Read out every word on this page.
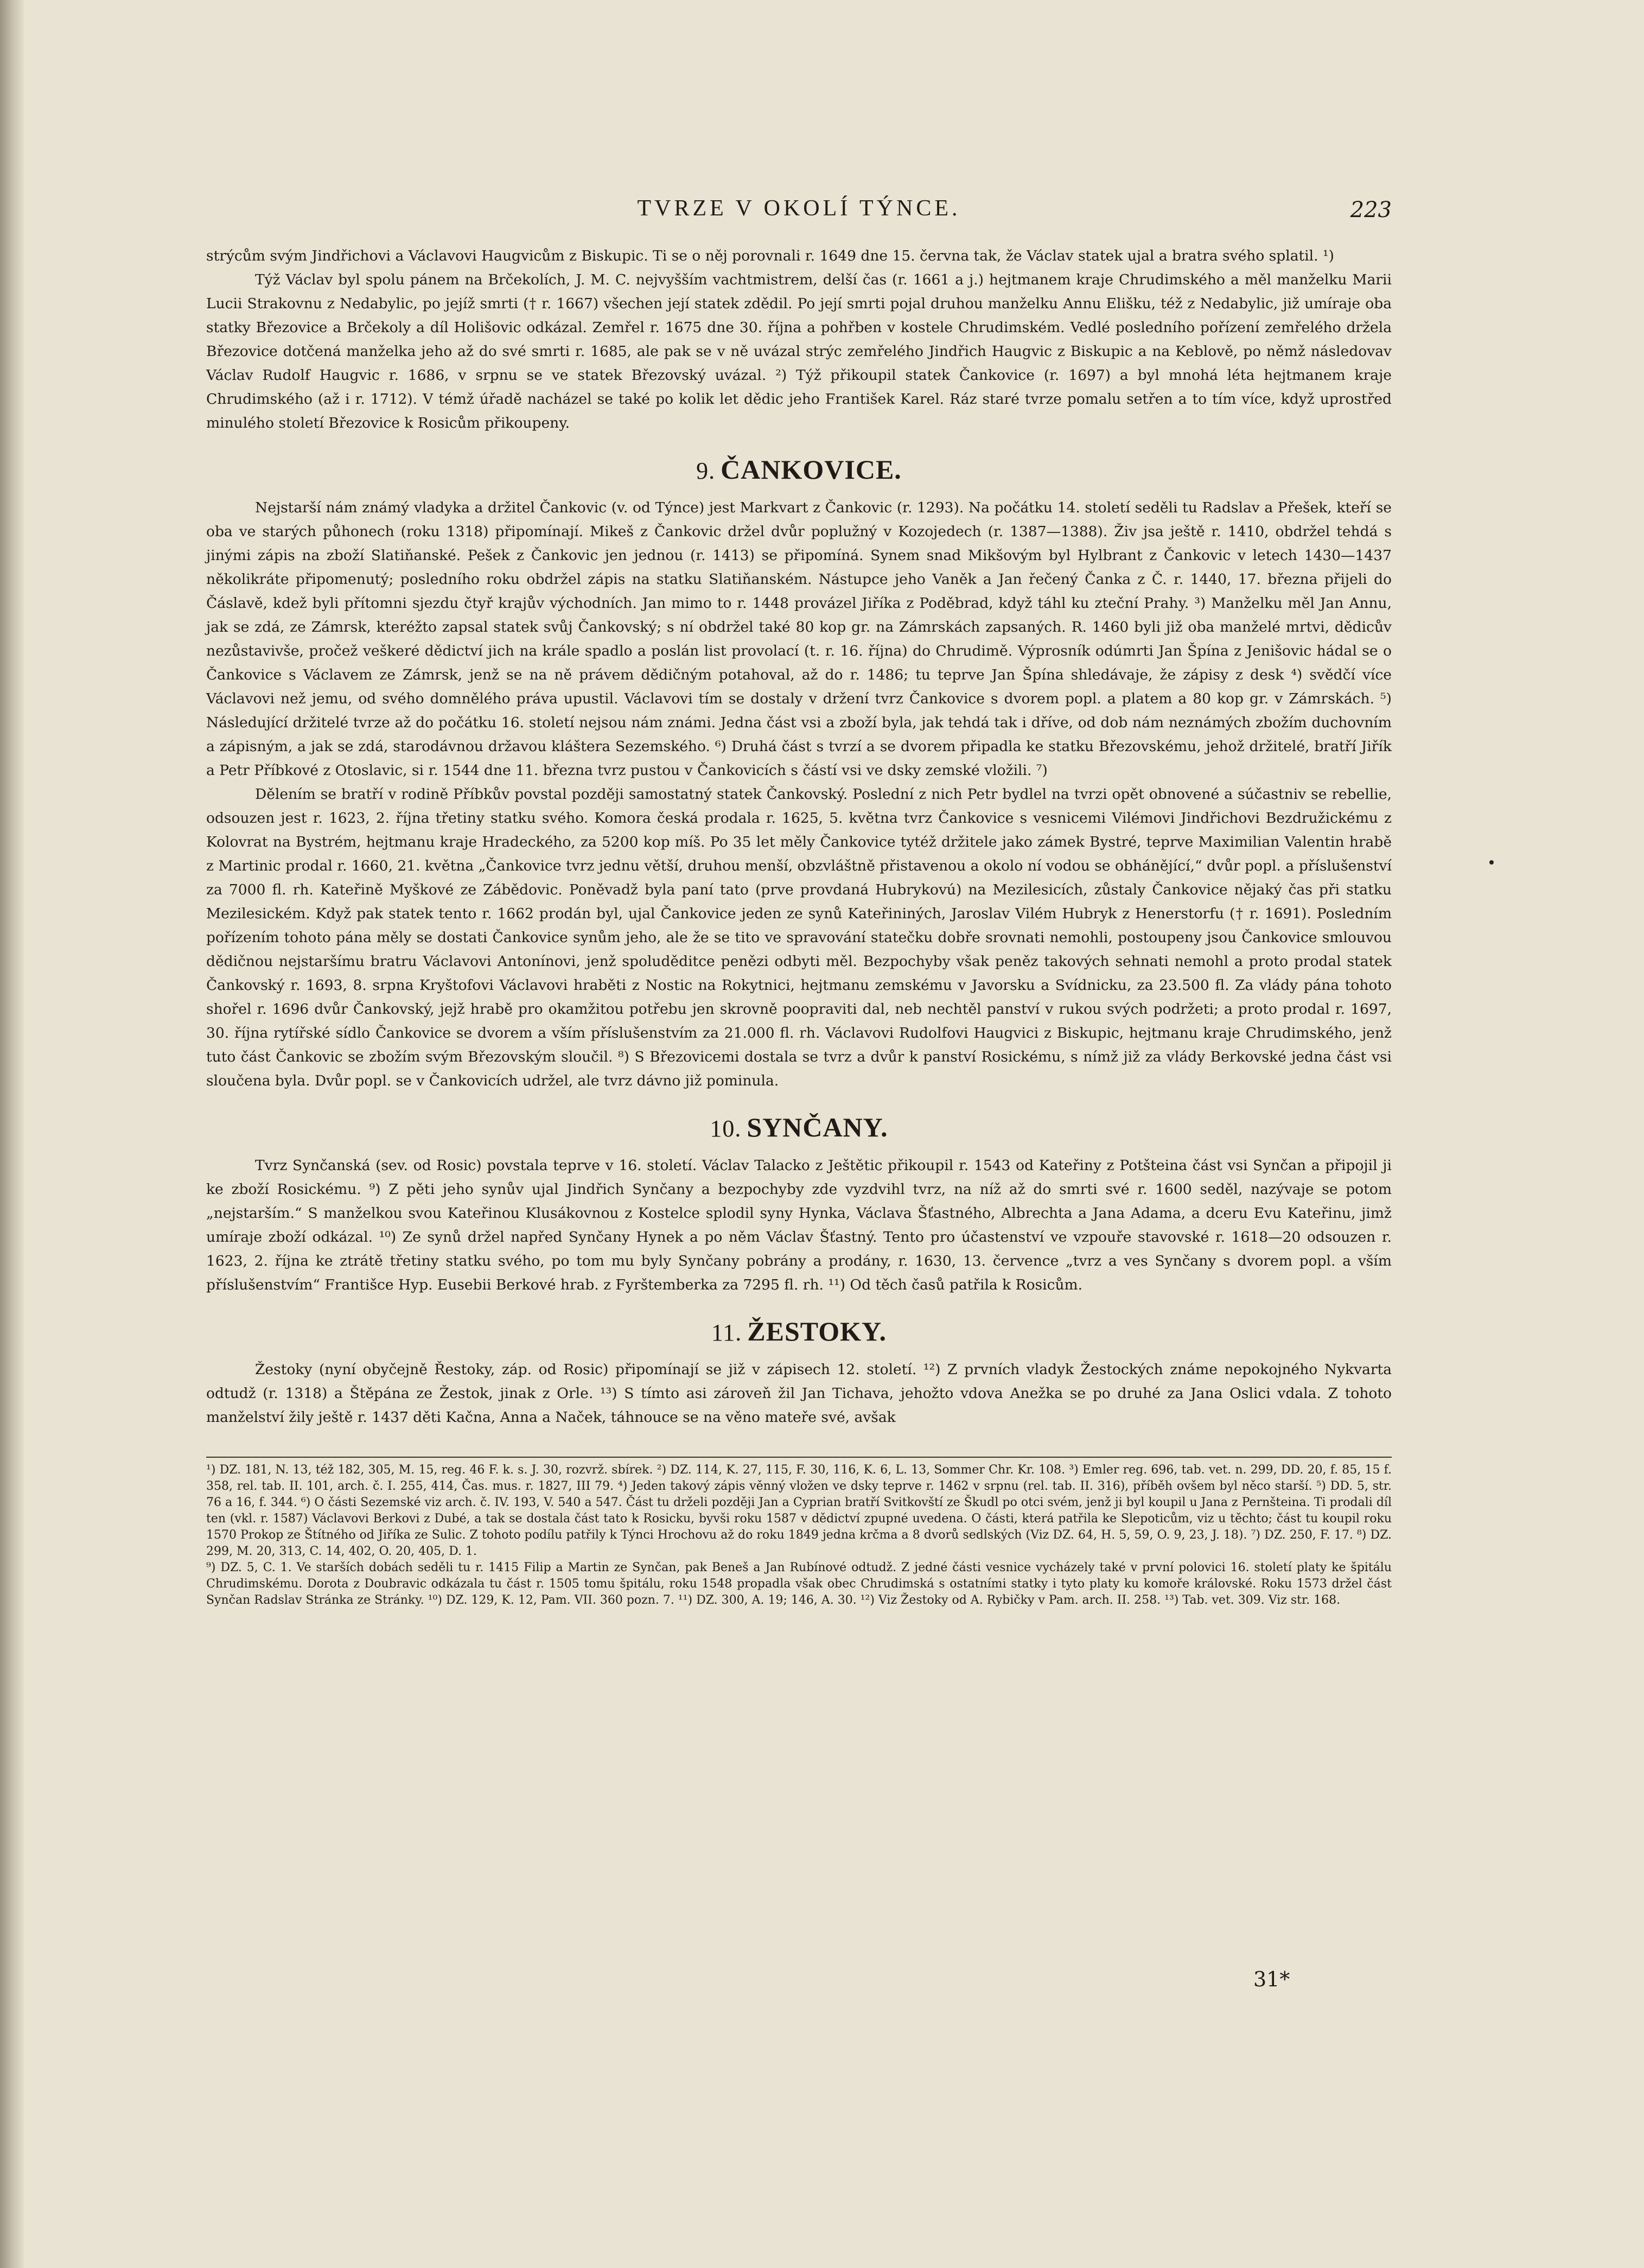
TVRZE V OKOLÍ TÝNCE.	223

strýcům svým Jindřichovi a Václavovi Haugvicům z Biskupic. Ti se o něj porovnali r. 1649 dne 15. června tak, že Václav statek ujal a bratra svého splatil. ¹)

Týž Václav byl spolu pánem na Brčekolích, J. M. C. nejvyšším vachtmistrem, delší čas (r. 1661 a j.) hejtmanem kraje Chrudimského a měl manželku Marii Lucii Strakovnu z Nedabylic, po jejíž smrti († r. 1667) všechen její statek zdědil. Po její smrti pojal druhou manželku Annu Elišku, též z Nedabylic, již umíraje oba statky Březovice a Brčekoly a díl Holišovic odkázal. Zemřel r. 1675 dne 30. října a pohřben v kostele Chrudimském. Vedlé posledního pořízení zemřelého držela Březovice dotčená manželka jeho až do své smrti r. 1685, ale pak se v ně uvázal strýc zemřelého Jindřich Haugvic z Biskupic a na Keblově, po němž následovav Václav Rudolf Haugvic r. 1686, v srpnu se ve statek Březovský uvázal. ²) Týž přikoupil statek Čankovice (r. 1697) a byl mnohá léta hejtmanem kraje Chrudimského (až i r. 1712). V témž úřadě nacházel se také po kolik let dědic jeho František Karel. Ráz staré tvrze pomalu setřen a to tím více, když uprostřed minulého století Březovice k Rosicům přikoupeny.

9. ČANKOVICE.

Nejstarší nám známý vladyka a držitel Čankovic (v. od Týnce) jest Markvart z Čankovic (r. 1293). Na počátku 14. století seděli tu Radslav a Přešek, kteří se oba ve starých půhonech (roku 1318) připomínají. Mikeš z Čankovic držel dvůr poplužný v Kozojedech (r. 1387—1388). Živ jsa ještě r. 1410, obdržel tehdá s jinými zápis na zboží Slatiňanské. Pešek z Čankovic jen jednou (r. 1413) se připomíná. Synem snad Mikšovým byl Hylbrant z Čankovic v letech 1430—1437 několikráte připomenutý; posledního roku obdržel zápis na statku Slatiňanském. Nástupce jeho Vaněk a Jan řečený Čanka z Č. r. 1440, 17. března přijeli do Čáslavě, kdež byli přítomni sjezdu čtyř krajův východních. Jan mimo to r. 1448 provázel Jiříka z Poděbrad, když táhl ku zteční Prahy. ³) Manželku měl Jan Annu, jak se zdá, ze Zámrsk, kteréžto zapsal statek svůj Čankovský; s ní obdržel také 80 kop gr. na Zámrskách zapsaných. R. 1460 byli již oba manželé mrtvi, dědicův nezůstavivše, pročež veškeré dědictví jich na krále spadlo a poslán list provolací (t. r. 16. října) do Chrudimě. Výprosník odúmrti Jan Špína z Jenišovic hádal se o Čankovice s Václavem ze Zámrsk, jenž se na ně právem dědičným potahoval, až do r. 1486; tu teprve Jan Špína shledávaje, že zápisy z desk ⁴) svědčí více Václavovi než jemu, od svého domnělého práva upustil. Václavovi tím se dostaly v držení tvrz Čankovice s dvorem popl. a platem a 80 kop gr. v Zámrskách. ⁵) Následující držitelé tvrze až do počátku 16. století nejsou nám známi. Jedna část vsi a zboží byla, jak tehdá tak i dříve, od dob nám neznámých zbožím duchovním a zápisným, a jak se zdá, starodávnou državou kláštera Sezemského. ⁶) Druhá část s tvrzí a se dvorem připadla ke statku Březovskému, jehož držitelé, bratří Jiřík a Petr Příbkové z Otoslavic, si r. 1544 dne 11. března tvrz pustou v Čankovicích s částí vsi ve dsky zemské vložili. ⁷)

Dělením se bratří v rodině Příbkův povstal později samostatný statek Čankovský. Poslední z nich Petr bydlel na tvrzi opět obnovené a súčastniv se rebellie, odsouzen jest r. 1623, 2. října třetiny statku svého. Komora česká prodala r. 1625, 5. května tvrz Čankovice s vesnicemi Vilémovi Jindřichovi Bezdružickému z Kolovrat na Bystrém, hejtmanu kraje Hradeckého, za 5200 kop míš. Po 35 let měly Čankovice tytéž držitele jako zámek Bystré, teprve Maximilian Valentin hrabě z Martinic prodal r. 1660, 21. května „Čankovice tvrz jednu větší, druhou menší, obzvláštně přistavenou a okolo ní vodou se obhánějící,“ dvůr popl. a příslušenství za 7000 fl. rh. Kateřině Myškové ze Zábědovic. Poněvadž byla paní tato (prve provdaná Hubrykovú) na Mezilesicích, zůstaly Čankovice nějaký čas při statku Mezilesickém. Když pak statek tento r. 1662 prodán byl, ujal Čankovice jeden ze synů Kateřininých, Jaroslav Vilém Hubryk z Henerstorfu († r. 1691). Posledním pořízením tohoto pána měly se dostati Čankovice synům jeho, ale že se tito ve spravování statečku dobře srovnati nemohli, postoupeny jsou Čankovice smlouvou dědičnou nejstaršímu bratru Václavovi Antonínovi, jenž spoluděditce penězi odbyti měl. Bezpochyby však peněz takových sehnati nemohl a proto prodal statek Čankovský r. 1693, 8. srpna Kryštofovi Václavovi hraběti z Nostic na Rokytnici, hejtmanu zemskému v Javorsku a Svídnicku, za 23.500 fl. Za vlády pána tohoto shořel r. 1696 dvůr Čankovský, jejž hrabě pro okamžitou potřebu jen skrovně poopraviti dal, neb nechtěl panství v rukou svých podržeti; a proto prodal r. 1697, 30. října rytířské sídlo Čankovice se dvorem a vším příslušenstvím za 21.000 fl. rh. Václavovi Rudolfovi Haugvici z Biskupic, hejtmanu kraje Chrudimského, jenž tuto část Čankovic se zbožím svým Březovským sloučil. ⁸) S Březovicemi dostala se tvrz a dvůr k panství Rosickému, s nímž již za vlády Berkovské jedna část vsi sloučena byla. Dvůr popl. se v Čankovicích udržel, ale tvrz dávno již pominula.

10. SYNČANY.

Tvrz Synčanská (sev. od Rosic) povstala teprve v 16. století. Václav Talacko z Ještětic přikoupil r. 1543 od Kateřiny z Potšteina část vsi Synčan a připojil ji ke zboží Rosickému. ⁹) Z pěti jeho synův ujal Jindřich Synčany a bezpochyby zde vyzdvihl tvrz, na níž až do smrti své r. 1600 seděl, nazývaje se potom „nejstarším.“ S manželkou svou Kateřinou Klusákovnou z Kostelce splodil syny Hynka, Václava Šťastného, Albrechta a Jana Adama, a dceru Evu Kateřinu, jimž umíraje zboží odkázal. ¹⁰) Ze synů držel napřed Synčany Hynek a po něm Václav Šťastný. Tento pro účastenství ve vzpouře stavovské r. 1618—20 odsouzen r. 1623, 2. října ke ztrátě třetiny statku svého, po tom mu byly Synčany pobrány a prodány, r. 1630, 13. července „tvrz a ves Synčany s dvorem popl. a vším příslušenstvím“ Františce Hyp. Eusebii Berkové hrab. z Fyrštemberka za 7295 fl. rh. ¹¹) Od těch časů patřila k Rosicům.

11. ŽESTOKY.

Žestoky (nyní obyčejně Řestoky, záp. od Rosic) připomínají se již v zápisech 12. století. ¹²) Z prvních vladyk Žestockých známe nepokojného Nykvarta odtudž (r. 1318) a Štěpána ze Žestok, jinak z Orle. ¹³) S tímto asi zároveň žil Jan Tichava, jehožto vdova Anežka se po druhé za Jana Oslici vdala. Z tohoto manželství žily ještě r. 1437 děti Kačna, Anna a Naček, táhnouce se na věno mateře své, avšak

¹) DZ. 181, N. 13, též 182, 305, M. 15, reg. 46 F. k. s. J. 30, rozvrž. sbírek. ²) DZ. 114, K. 27, 115, F. 30, 116, K. 6, L. 13, Sommer Chr. Kr. 108. ³) Emler reg. 696, tab. vet. n. 299, DD. 20, f. 85, 15 f. 358, rel. tab. II. 101, arch. č. I. 255, 414, Čas. mus. r. 1827, III 79. ⁴) Jeden takový zápis věnný vložen ve dsky teprve r. 1462 v srpnu (rel. tab. II. 316), příběh ovšem byl něco starší. ⁵) DD. 5, str. 76 a 16, f. 344. ⁶) O části Sezemské viz arch. č. IV. 193, V. 540 a 547. Část tu drželi později Jan a Cyprian bratří Svitkovští ze Škudl po otci svém, jenž ji byl koupil u Jana z Pernšteina. Ti prodali díl ten (vkl. r. 1587) Václavovi Berkovi z Dubé, a tak se dostala část tato k Rosicku, byvši roku 1587 v dědictví zpupné uvedena. O části, která patřila ke Slepoticům, viz u těchto; část tu koupil roku 1570 Prokop ze Štítného od Jiříka ze Sulic. Z tohoto podílu patřily k Týnci Hrochovu až do roku 1849 jedna krčma a 8 dvorů sedlských (Viz DZ. 64, H. 5, 59, O. 9, 23, J. 18). ⁷) DZ. 250, F. 17. ⁸) DZ. 299, M. 20, 313, C. 14, 402, O. 20, 405, D. 1.

⁹) DZ. 5, C. 1. Ve starších dobách seděli tu r. 1415 Filip a Martin ze Synčan, pak Beneš a Jan Rubínové odtudž. Z jedné části vesnice vycházely také v první polovici 16. století platy ke špitálu Chrudimskému. Dorota z Doubravic odkázala tu část r. 1505 tomu špitálu, roku 1548 propadla však obec Chrudimská s ostatními statky i tyto platy ku komoře královské. Roku 1573 držel část Synčan Radslav Stránka ze Stránky. ¹⁰) DZ. 129, K. 12, Pam. VII. 360 pozn. 7. ¹¹) DZ. 300, A. 19; 146, A. 30. ¹²) Viz Žestoky od A. Rybičky v Pam. arch. II. 258. ¹³) Tab. vet. 309. Viz str. 168.

31*
